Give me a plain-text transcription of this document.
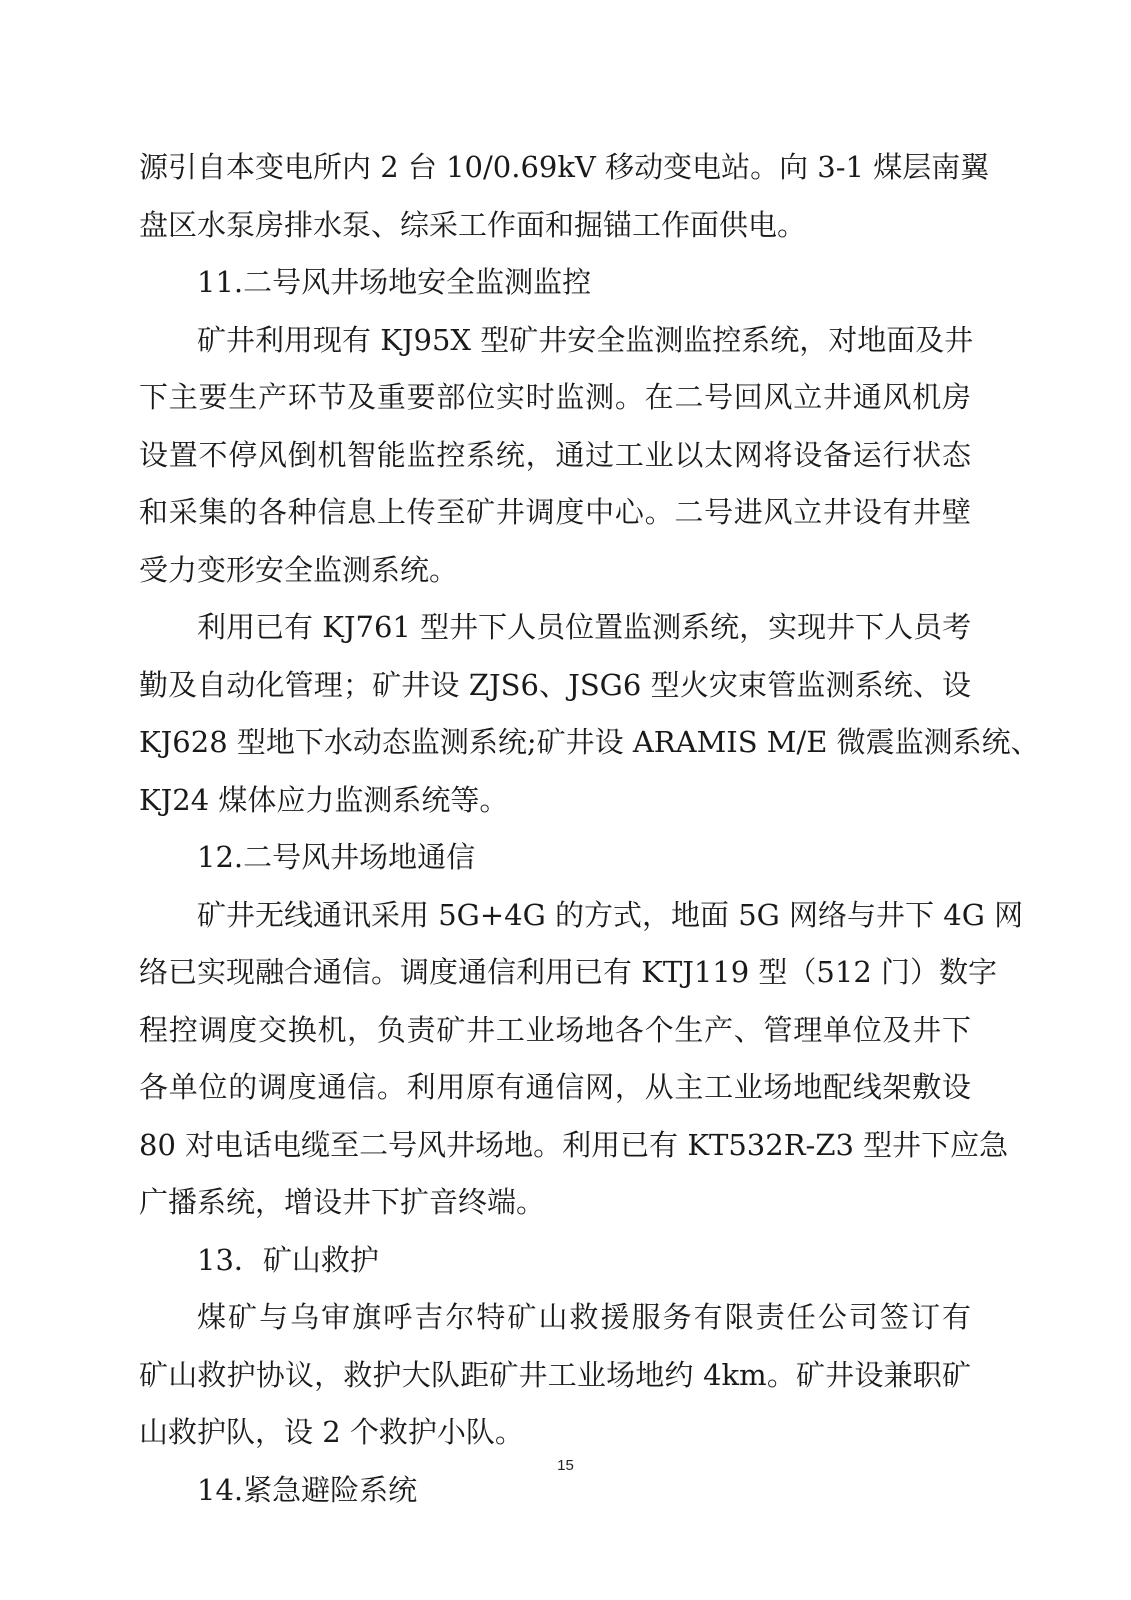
源引自本变电所内 2 台 10/0.69kV 移动变电站。向 3-1 煤层南翼
盘区水泵房排水泵、综采工作面和掘锚工作面供电。
11.二号风井场地安全监测监控
矿井利用现有 KJ95X 型矿井安全监测监控系统，对地面及井
下主要生产环节及重要部位实时监测。在二号回风立井通风机房
设置不停风倒机智能监控系统，通过工业以太网将设备运行状态
和采集的各种信息上传至矿井调度中心。二号进风立井设有井壁
受力变形安全监测系统。
利用已有 KJ761 型井下人员位置监测系统，实现井下人员考
勤及自动化管理；矿井设 ZJS6、JSG6 型火灾束管监测系统、设
KJ628 型地下水动态监测系统;矿井设 ARAMIS M/E 微震监测系统、
KJ24 煤体应力监测系统等。
12.二号风井场地通信
矿井无线通讯采用 5G+4G 的方式，地面 5G 网络与井下 4G 网
络已实现融合通信。调度通信利用已有 KTJ119 型（512 门）数字
程控调度交换机，负责矿井工业场地各个生产、管理单位及井下
各单位的调度通信。利用原有通信网，从主工业场地配线架敷设
80 对电话电缆至二号风井场地。利用已有 KT532R-Z3 型井下应急
广播系统，增设井下扩音终端。
13．矿山救护
煤矿与乌审旗呼吉尔特矿山救援服务有限责任公司签订有
矿山救护协议，救护大队距矿井工业场地约 4km。矿井设兼职矿
山救护队，设 2 个救护小队。
14.紧急避险系统
15
